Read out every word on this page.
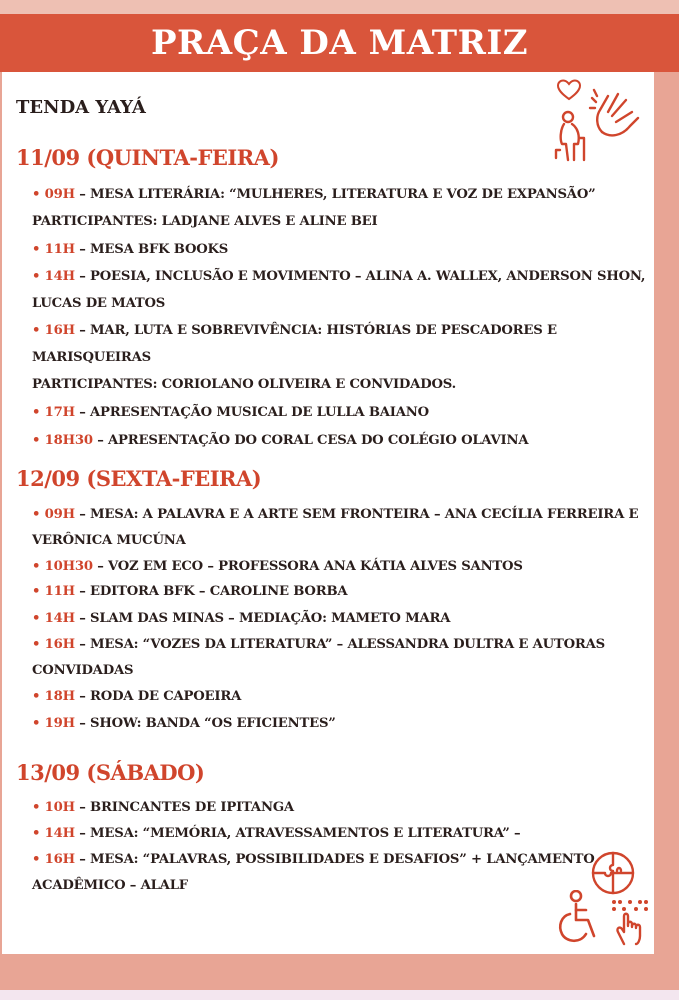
PRAÇA DA MATRIZ
TENDA YAYÁ
11/09 (QUINTA-FEIRA)
• 09H – MESA LITERÁRIA: “MULHERES, LITERATURA E VOZ DE EXPANSÃO”
PARTICIPANTES: LADJANE ALVES E ALINE BEI
• 11H – MESA BFK BOOKS
• 14H – POESIA, INCLUSÃO E MOVIMENTO – ALINA A. WALLEX, ANDERSON SHON,
LUCAS DE MATOS
• 16H – MAR, LUTA E SOBREVIVÊNCIA: HISTÓRIAS DE PESCADORES E
MARISQUEIRAS
PARTICIPANTES: CORIOLANO OLIVEIRA E CONVIDADOS.
• 17H – APRESENTAÇÃO MUSICAL DE LULLA BAIANO
• 18H30 – APRESENTAÇÃO DO CORAL CESA DO COLÉGIO OLAVINA
12/09 (SEXTA-FEIRA)
• 09H – MESA: A PALAVRA E A ARTE SEM FRONTEIRA – ANA CECÍLIA FERREIRA E
VERÔNICA MUCÚNA
• 10H30 – VOZ EM ECO – PROFESSORA ANA KÁTIA ALVES SANTOS
• 11H – EDITORA BFK – CAROLINE BORBA
• 14H – SLAM DAS MINAS – MEDIAÇÃO: MAMETO MARA
• 16H – MESA: “VOZES DA LITERATURA” – ALESSANDRA DULTRA E AUTORAS
CONVIDADAS
• 18H – RODA DE CAPOEIRA
• 19H – SHOW: BANDA “OS EFICIENTES”
13/09 (SÁBADO)
• 10H – BRINCANTES DE IPITANGA
• 14H – MESA: “MEMÓRIA, ATRAVESSAMENTOS E LITERATURA” –
• 16H – MESA: “PALAVRAS, POSSIBILIDADES E DESAFIOS” + LANÇAMENTO
ACADÊMICO – ALALF
